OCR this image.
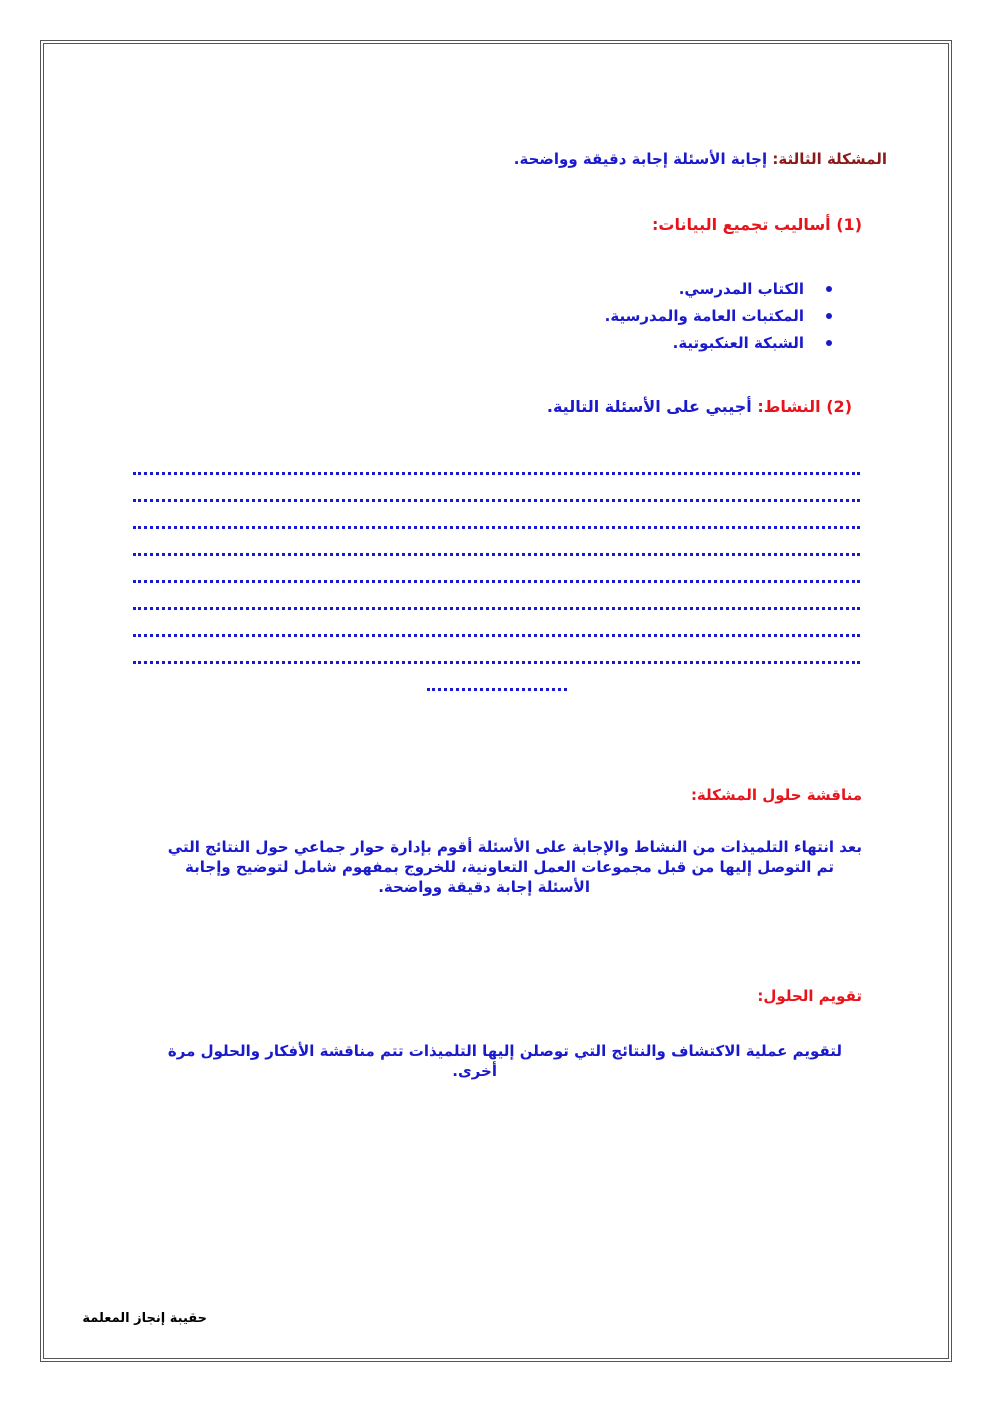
المشكلة الثالثة: إجابة الأسئلة إجابة دقيقة وواضحة.
(1) أساليب تجميع البيانات:
الكتاب المدرسي.
المكتبات العامة والمدرسية.
الشبكة العنكبوتية.
(2) النشاط: أجيبي على الأسئلة التالية.
مناقشة حلول المشكلة:
بعد انتهاء التلميذات من النشاط والإجابة على الأسئلة أقوم بإدارة حوار جماعي حول النتائج التي
تم التوصل إليها من قبل مجموعات العمل التعاونية، للخروج بمفهوم شامل لتوضيح وإجابة
الأسئلة إجابة دقيقة وواضحة.
تقويم الحلول:
لتقويم عملية الاكتشاف والنتائج التي توصلن إليها التلميذات تتم مناقشة الأفكار والحلول مرة
أخرى.
حقيبة إنجاز المعلمة
